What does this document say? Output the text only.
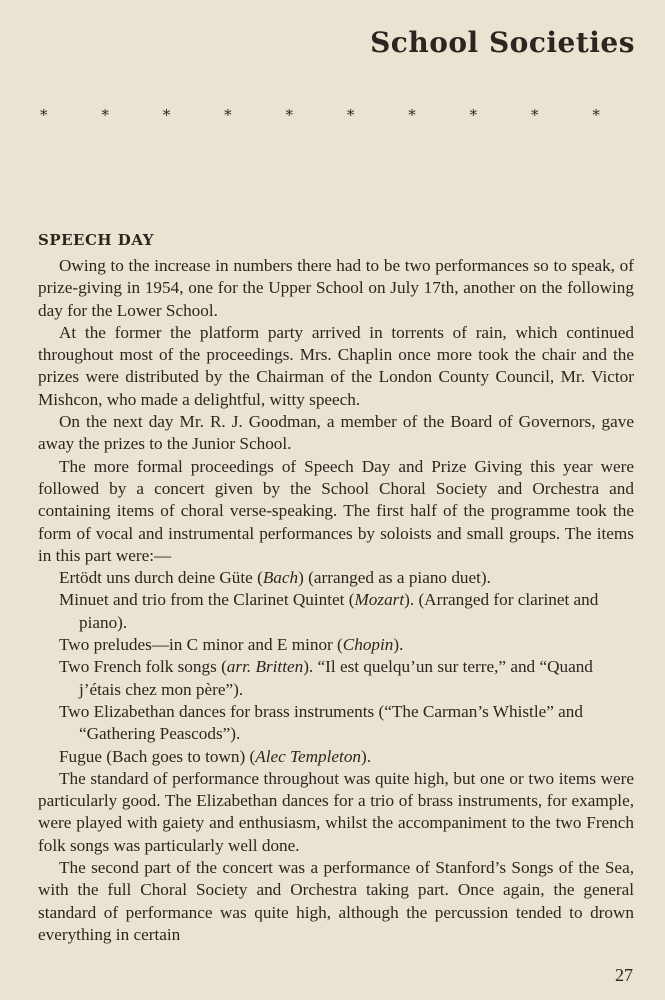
School Societies
*	*	*	*	*	*	*	*	*	*
SPEECH DAY

Owing to the increase in numbers there had to be two performances so to speak, of prize-giving in 1954, one for the Upper School on July 17th, another on the following day for the Lower School.

At the former the platform party arrived in torrents of rain, which continued throughout most of the proceedings. Mrs. Chaplin once more took the chair and the prizes were distributed by the Chairman of the London County Council, Mr. Victor Mishcon, who made a delightful, witty speech.

On the next day Mr. R. J. Goodman, a member of the Board of Governors, gave away the prizes to the Junior School.

The more formal proceedings of Speech Day and Prize Giving this year were followed by a concert given by the School Choral Society and Orchestra and containing items of choral verse-speaking. The first half of the programme took the form of vocal and instrumental performances by soloists and small groups. The items in this part were:—

Ertödt uns durch deine Güte (Bach) (arranged as a piano duet).
Minuet and trio from the Clarinet Quintet (Mozart). (Arranged for clarinet and piano).
Two preludes—in C minor and E minor (Chopin).
Two French folk songs (arr. Britten). “Il est quelqu’un sur terre,” and “Quand j’étais chez mon père”).
Two Elizabethan dances for brass instruments (“The Carman’s Whistle” and “Gathering Peascods”).
Fugue (Bach goes to town) (Alec Templeton).

The standard of performance throughout was quite high, but one or two items were particularly good. The Elizabethan dances for a trio of brass instruments, for example, were played with gaiety and enthusiasm, whilst the accompaniment to the two French folk songs was particularly well done.

The second part of the concert was a performance of Stanford’s Songs of the Sea, with the full Choral Society and Orchestra taking part. Once again, the general standard of performance was quite high, although the percussion tended to drown everything in certain

27
